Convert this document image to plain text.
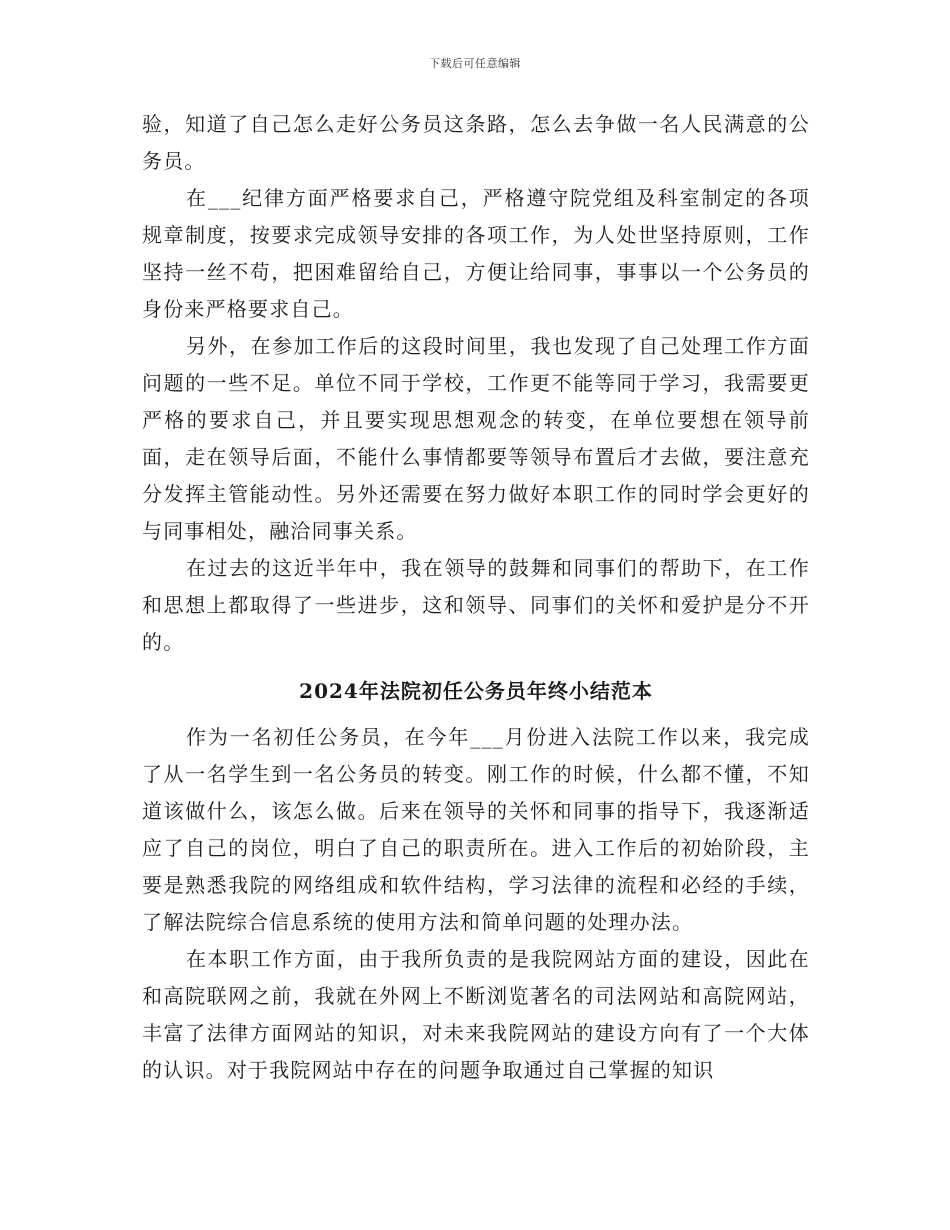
下载后可任意编辑

验，知道了自己怎么走好公务员这条路，怎么去争做一名人民满意的公务员。

在___纪律方面严格要求自己，严格遵守院党组及科室制定的各项规章制度，按要求完成领导安排的各项工作，为人处世坚持原则，工作坚持一丝不苟，把困难留给自己，方便让给同事，事事以一个公务员的身份来严格要求自己。

另外，在参加工作后的这段时间里，我也发现了自己处理工作方面问题的一些不足。单位不同于学校，工作更不能等同于学习，我需要更严格的要求自己，并且要实现思想观念的转变，在单位要想在领导前面，走在领导后面，不能什么事情都要等领导布置后才去做，要注意充分发挥主管能动性。另外还需要在努力做好本职工作的同时学会更好的与同事相处，融洽同事关系。

在过去的这近半年中，我在领导的鼓舞和同事们的帮助下，在工作和思想上都取得了一些进步，这和领导、同事们的关怀和爱护是分不开的。

2024年法院初任公务员年终小结范本

作为一名初任公务员，在今年___月份进入法院工作以来，我完成了从一名学生到一名公务员的转变。刚工作的时候，什么都不懂，不知道该做什么，该怎么做。后来在领导的关怀和同事的指导下，我逐渐适应了自己的岗位，明白了自己的职责所在。进入工作后的初始阶段，主要是熟悉我院的网络组成和软件结构，学习法律的流程和必经的手续，了解法院综合信息系统的使用方法和简单问题的处理办法。

在本职工作方面，由于我所负责的是我院网站方面的建设，因此在和高院联网之前，我就在外网上不断浏览著名的司法网站和高院网站，丰富了法律方面网站的知识，对未来我院网站的建设方向有了一个大体的认识。对于我院网站中存在的问题争取通过自己掌握的知识
